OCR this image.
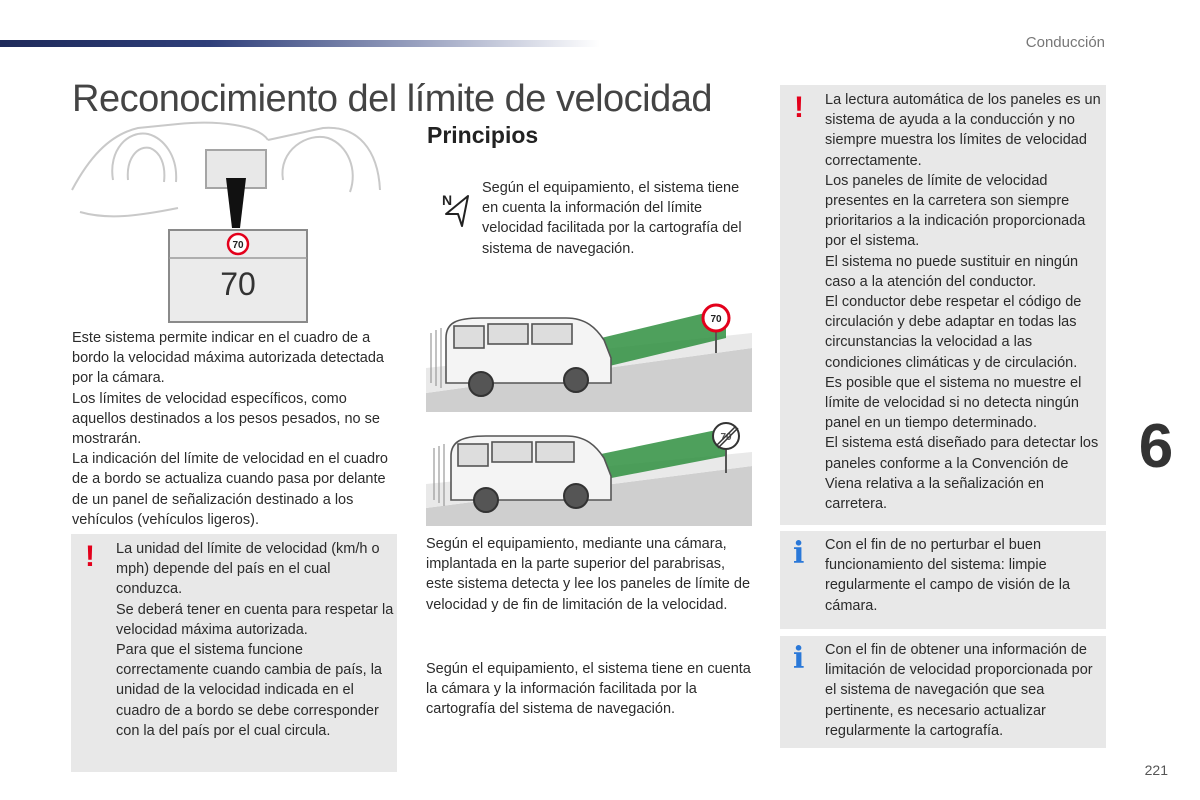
Conducción
6
221
Reconocimiento del límite de velocidad
Principios
70
70

Este sistema permite indicar en el cuadro de a bordo la velocidad máxima autorizada detectada por la cámara.
Los límites de velocidad específicos, como aquellos destinados a los pesos pesados, no se mostrarán.
La indicación del límite de velocidad en el cuadro de a bordo se actualiza cuando pasa por delante de un panel de señalización destinado a los vehículos (vehículos ligeros).

! La unidad del límite de velocidad (km/h o mph) depende del país en el cual conduzca.
Se deberá tener en cuenta para respetar la velocidad máxima autorizada.
Para que el sistema funcione correctamente cuando cambia de país, la unidad de la velocidad indicada en el cuadro de a bordo se debe corresponder con la del país por el cual circula.

N

Según el equipamiento, el sistema tiene en cuenta la información del límite velocidad facilitada por la cartografía del sistema de navegación.

70
70

Según el equipamiento, mediante una cámara, implantada en la parte superior del parabrisas, este sistema detecta y lee los paneles de límite de velocidad y de fin de limitación de la velocidad.

Según el equipamiento, el sistema tiene en cuenta la cámara y la información facilitada por la cartografía del sistema de navegación.

! La lectura automática de los paneles es un sistema de ayuda a la conducción y no siempre muestra los límites de velocidad correctamente.
Los paneles de límite de velocidad presentes en la carretera son siempre prioritarios a la indicación proporcionada por el sistema.
El sistema no puede sustituir en ningún caso a la atención del conductor.
El conductor debe respetar el código de circulación y debe adaptar en todas las circunstancias la velocidad a las condiciones climáticas y de circulación.
Es posible que el sistema no muestre el límite de velocidad si no detecta ningún panel en un tiempo determinado.
El sistema está diseñado para detectar los paneles conforme a la Convención de Viena relativa a la señalización en carretera.

i Con el fin de no perturbar el buen funcionamiento del sistema: limpie regularmente el campo de visión de la cámara.

i Con el fin de obtener una información de limitación de velocidad proporcionada por el sistema de navegación que sea pertinente, es necesario actualizar regularmente la cartografía.
